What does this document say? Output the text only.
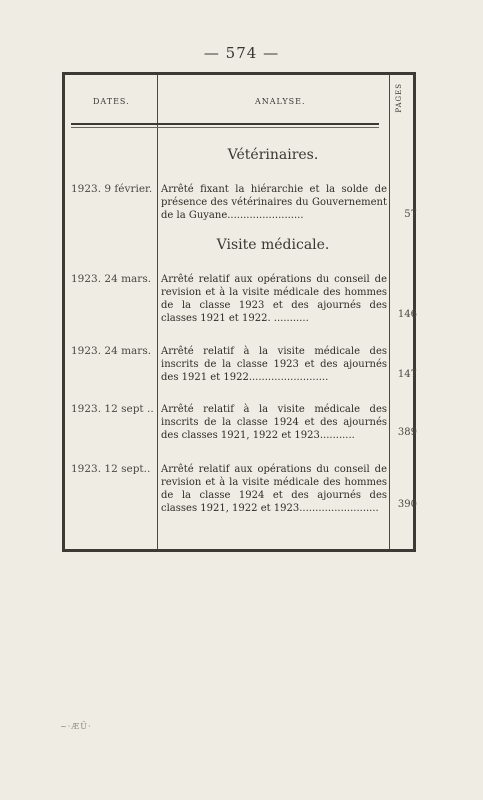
— 574 —
DATES.	ANALYSE.	PAGES
Vétérinaires.
1923. 9 février. Arrêté fixant la hiérarchie et la solde de présence des vétérinaires du Gouvernement de la Guyane........................	57
Visite médicale.
1923. 24 mars. Arrêté relatif aux opérations du conseil de revision et à la visite médicale des hommes de la classe 1923 et des ajournés des classes 1921 et 1922. ...........	146
1923. 24 mars. Arrêté relatif à la visite médicale des inscrits de la classe 1923 et des ajournés des 1921 et 1922.........................	147
1923. 12 sept .. Arrêté relatif à la visite médicale des inscrits de la classe 1924 et des ajournés des classes 1921, 1922 et 1923...........	389
1923. 12 sept..	Arrêté relatif aux opérations du conseil de revision et à la visite médicale des hommes de la classe 1924 et des ajournés des classes 1921, 1922 et 1923.........................	390
~·ÆÜ·
